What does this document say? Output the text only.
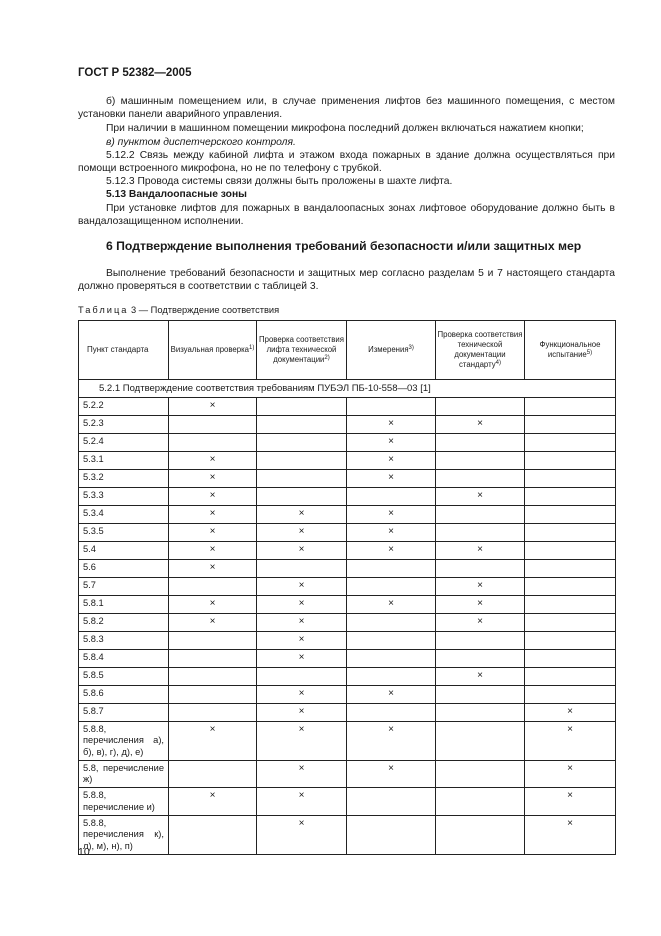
ГОСТ Р 52382—2005

б) машинным помещением или, в случае применения лифтов без машинного помещения, с местом установки панели аварийного управления.

При наличии в машинном помещении микрофона последний должен включаться нажатием кнопки;

в) пунктом диспетчерского контроля.

5.12.2 Связь между кабиной лифта и этажом входа пожарных в здание должна осуществляться при помощи встроенного микрофона, но не по телефону с трубкой.

5.12.3 Провода системы связи должны быть проложены в шахте лифта.

5.13 Вандалоопасные зоны

При установке лифтов для пожарных в вандалоопасных зонах лифтовое оборудование должно быть в вандалозащищенном исполнении.

6 Подтверждение выполнения требований безопасности и/или защитных мер

Выполнение требований безопасности и защитных мер согласно разделам 5 и 7 настоящего стандарта должно проверяться в соответствии с таблицей 3.

Таблица 3 — Подтверждение соответствия
Пункт стандарта	Визуальная проверка$^{1)}$	Проверка соответствия лифта технической документации$^{2)}$	Измерения$^{3)}$	Проверка соответствия технической документации стандарту$^{4)}$	Функциональное испытание$^{5)}$
5.2.1 Подтверждение соответствия требованиям ПУБЭЛ ПБ-10-558—03 [1]					
5.2.2	×				
5.2.3			×	×	
5.2.4			×		
5.3.1	×		×		
5.3.2	×		×		
5.3.3	×			×	
5.3.4	×	×	×		
5.3.5	×	×	×		
5.4	×	×	×	×	
5.6	×				
5.7		×		×	
5.8.1	×	×	×	×	
5.8.2	×	×		×	
5.8.3		×			
5.8.4		×			
5.8.5				×	
5.8.6		×	×		
5.8.7		×			×
5.8.8, перечисления а), б), в), г), д), е)	×	×	×		×
5.8, перечисление ж)		×	×		×
5.8.8, перечисление и)	×	×			×
5.8.8, перечисления к), л), м), н), п)		×			×
10
